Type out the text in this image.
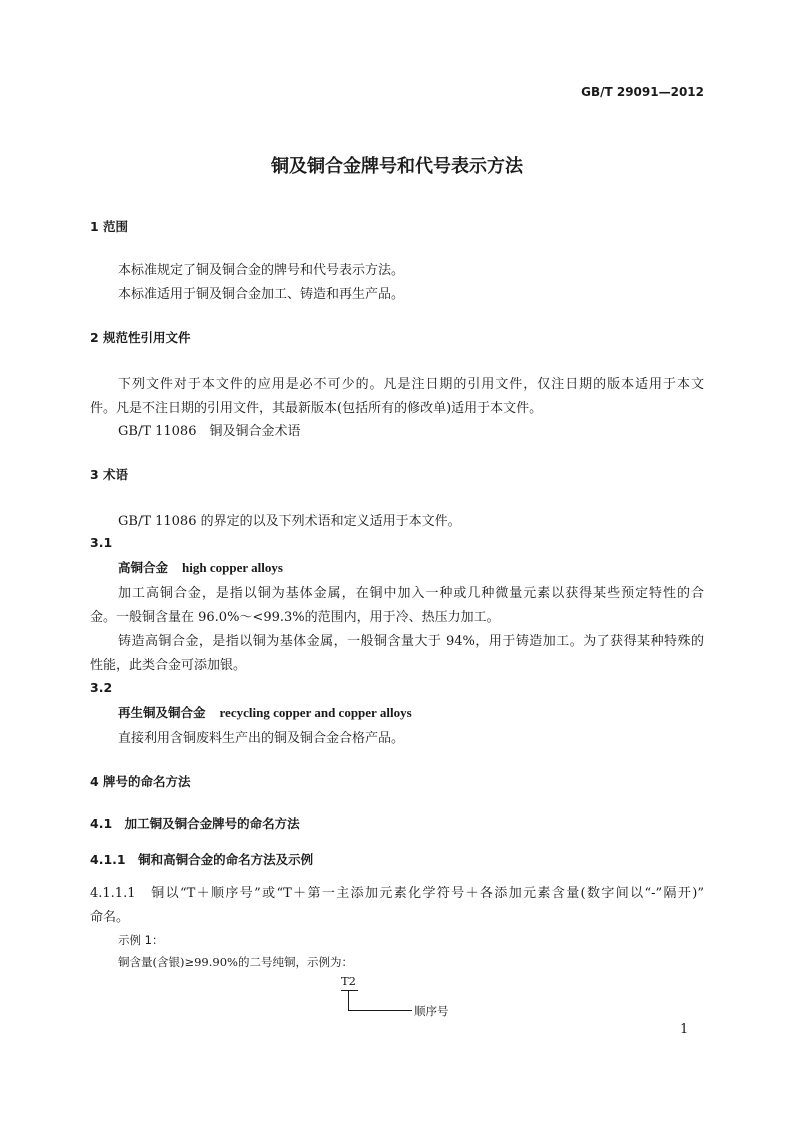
GB/T 29091—2012
铜及铜合金牌号和代号表示方法
1 范围
本标准规定了铜及铜合金的牌号和代号表示方法。
本标准适用于铜及铜合金加工、铸造和再生产品。
2 规范性引用文件
下列文件对于本文件的应用是必不可少的。凡是注日期的引用文件，仅注日期的版本适用于本文
件。凡是不注日期的引用文件，其最新版本(包括所有的修改单)适用于本文件。
GB/T 11086　铜及铜合金术语
3 术语
GB/T 11086 的界定的以及下列术语和定义适用于本文件。
3.1
高铜合金 high copper alloys
加工高铜合金，是指以铜为基体金属，在铜中加入一种或几种微量元素以获得某些预定特性的合
金。一般铜含量在 96.0%～<99.3%的范围内，用于冷、热压力加工。
铸造高铜合金，是指以铜为基体金属，一般铜含量大于 94%，用于铸造加工。为了获得某种特殊的
性能，此类合金可添加银。
3.2
再生铜及铜合金 recycling copper and copper alloys
直接利用含铜废料生产出的铜及铜合金合格产品。
4 牌号的命名方法
4.1　加工铜及铜合金牌号的命名方法
4.1.1　铜和高铜合金的命名方法及示例
4.1.1.1　铜以“T＋顺序号”或“T＋第一主添加元素化学符号＋各添加元素含量(数字间以“-”隔开)”
命名。
示例 1：
铜含量(含银)≥99.90%的二号纯铜，示例为：
T2
顺序号
1
